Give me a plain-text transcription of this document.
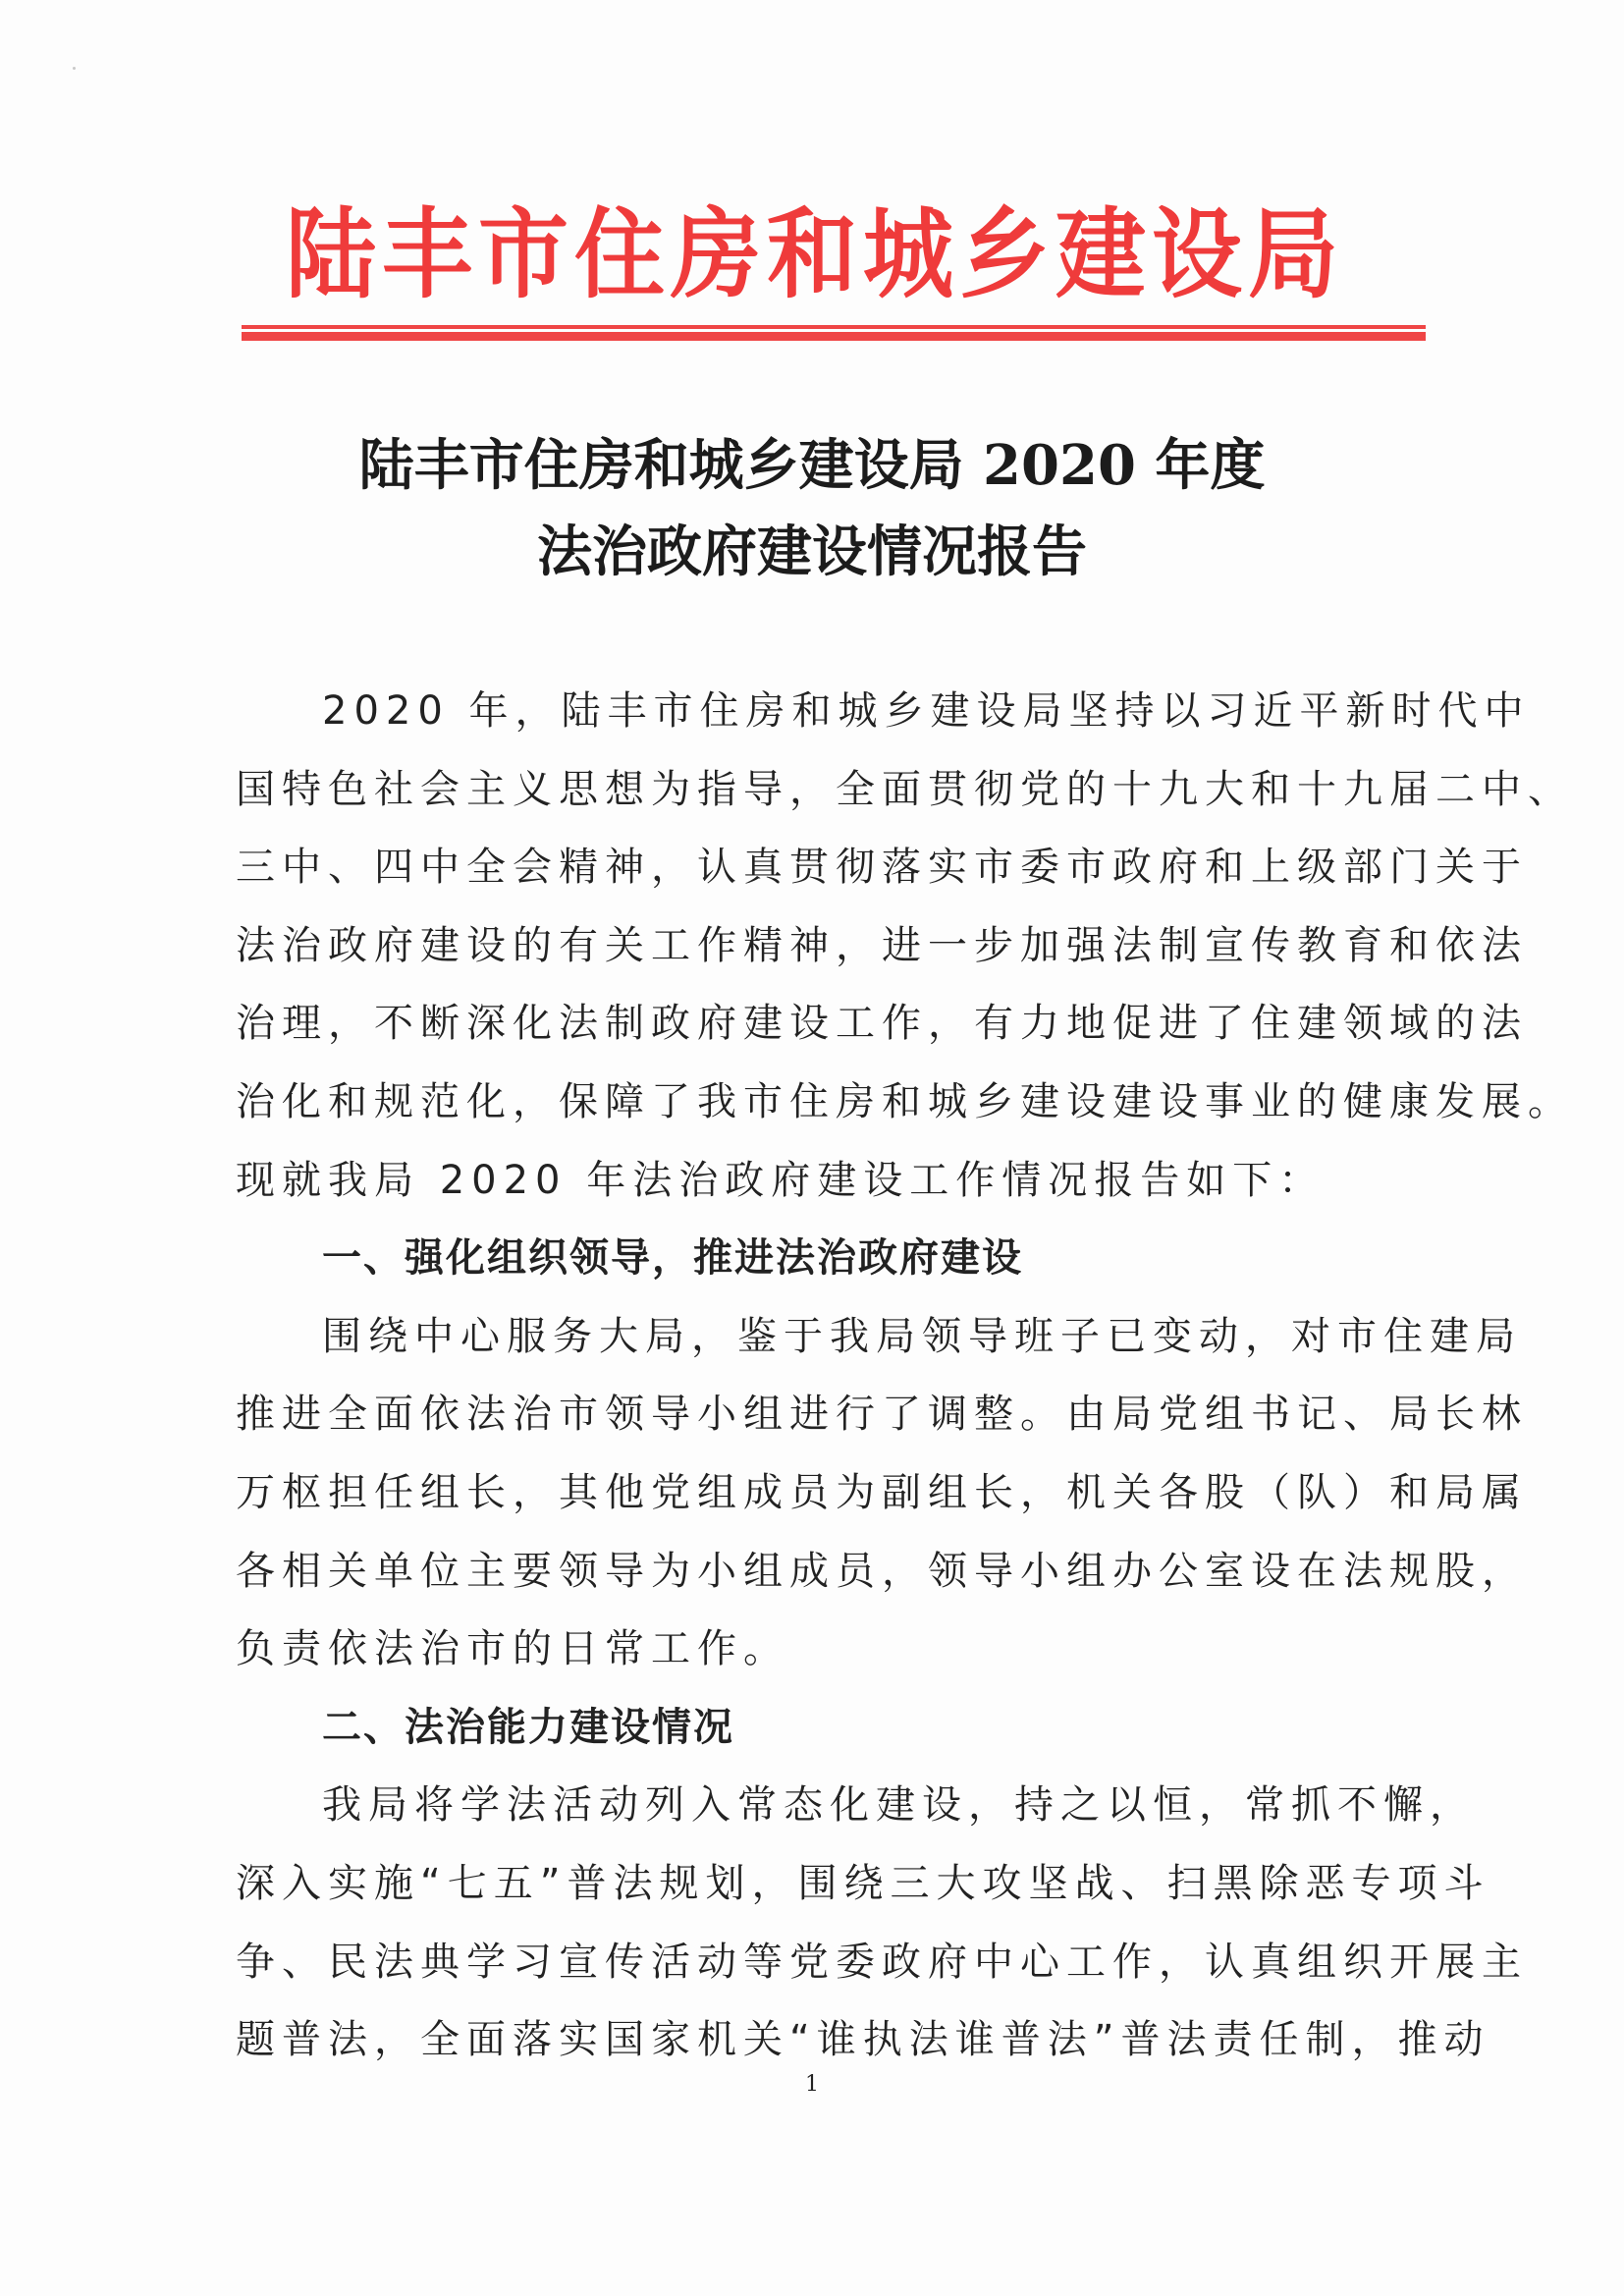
陆丰市住房和城乡建设局
陆丰市住房和城乡建设局 2020 年度
法治政府建设情况报告
2020 年，陆丰市住房和城乡建设局坚持以习近平新时代中
国特色社会主义思想为指导，全面贯彻党的十九大和十九届二中、
三中、四中全会精神，认真贯彻落实市委市政府和上级部门关于
法治政府建设的有关工作精神，进一步加强法制宣传教育和依法
治理，不断深化法制政府建设工作，有力地促进了住建领域的法
治化和规范化，保障了我市住房和城乡建设建设事业的健康发展。
现就我局 2020 年法治政府建设工作情况报告如下：
一、强化组织领导，推进法治政府建设
围绕中心服务大局，鉴于我局领导班子已变动，对市住建局
推进全面依法治市领导小组进行了调整。由局党组书记、局长林
万枢担任组长，其他党组成员为副组长，机关各股（队）和局属
各相关单位主要领导为小组成员，领导小组办公室设在法规股，
负责依法治市的日常工作。
二、法治能力建设情况
我局将学法活动列入常态化建设，持之以恒，常抓不懈，
深入实施“七五”普法规划，围绕三大攻坚战、扫黑除恶专项斗
争、民法典学习宣传活动等党委政府中心工作，认真组织开展主
题普法，全面落实国家机关“谁执法谁普法”普法责任制，推动
1
